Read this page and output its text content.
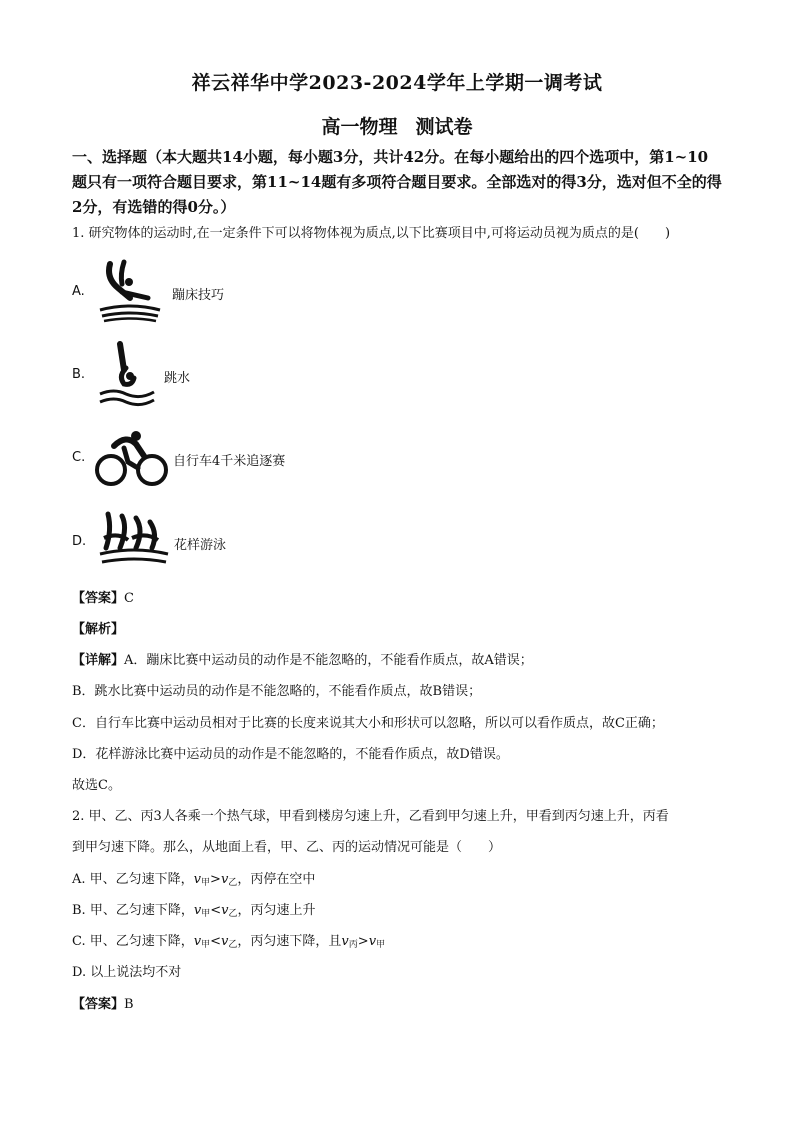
祥云祥华中学2023-2024学年上学期一调考试
高一物理 测试卷
一、选择题（本大题共14小题，每小题3分，共计42分。在每小题给出的四个选项中，第1~10题只有一项符合题目要求，第11~14题有多项符合题目要求。全部选对的得3分，选对但不全的得2分，有选错的得0分。）
1. 研究物体的运动时,在一定条件下可以将物体视为质点,以下比赛项目中,可将运动员视为质点的是(　　)
A.	蹦床技巧
B.	跳水
C.	自行车4千米追逐赛
D.	花样游泳
【答案】C
【解析】
【详解】A．蹦床比赛中运动员的动作是不能忽略的，不能看作质点，故A错误；
B．跳水比赛中运动员的动作是不能忽略的，不能看作质点，故B错误；
C．自行车比赛中运动员相对于比赛的长度来说其大小和形状可以忽略，所以可以看作质点，故C正确；
D．花样游泳比赛中运动员的动作是不能忽略的，不能看作质点，故D错误。
故选C。
2. 甲、乙、丙3人各乘一个热气球，甲看到楼房匀速上升，乙看到甲匀速上升，甲看到丙匀速上升，丙看
到甲匀速下降。那么，从地面上看，甲、乙、丙的运动情况可能是（　　）
A. 甲、乙匀速下降，$v_甲>v_乙$，丙停在空中
B. 甲、乙匀速下降，$v_甲<v_乙$，丙匀速上升
C. 甲、乙匀速下降，$v_甲<v_乙$，丙匀速下降，且$v_丙>v_甲$
D. 以上说法均不对
【答案】B
